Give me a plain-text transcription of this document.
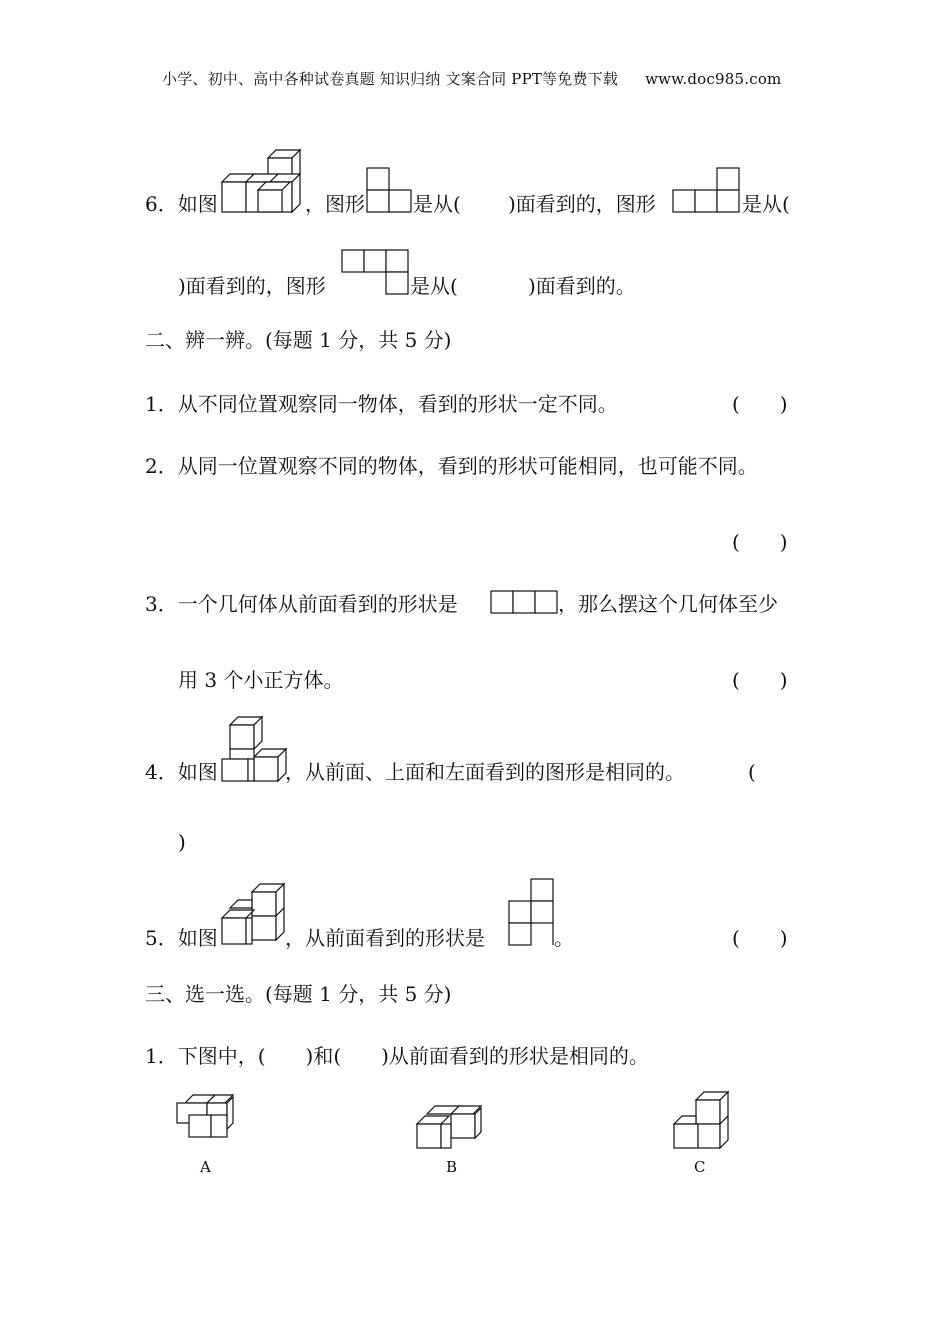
小学、初中、高中各种试卷真题 知识归纳 文案合同 PPT等免费下载 www.doc985.com
6．如图	，图形 是从( )面看到的，图形	是从(
)面看到的，图形	是从(	)面看到的。
二、辨一辨。(每题 1 分，共 5 分)
1．从不同位置观察同一物体，看到的形状一定不同。	(　　)
2．从同一位置观察不同的物体，看到的形状可能相同，也可能不同。
(　　)
3．一个几何体从前面看到的形状是	，那么摆这个几何体至少
用 3 个小正方体。	(　　)
4．如图	，从前面、上面和左面看到的图形是相同的。	(
)
5．如图	，从前面看到的形状是	。	(　　)
三、选一选。(每题 1 分，共 5 分)
1．下图中，(　　)和(　　)从前面看到的形状是相同的。
A	B	C
